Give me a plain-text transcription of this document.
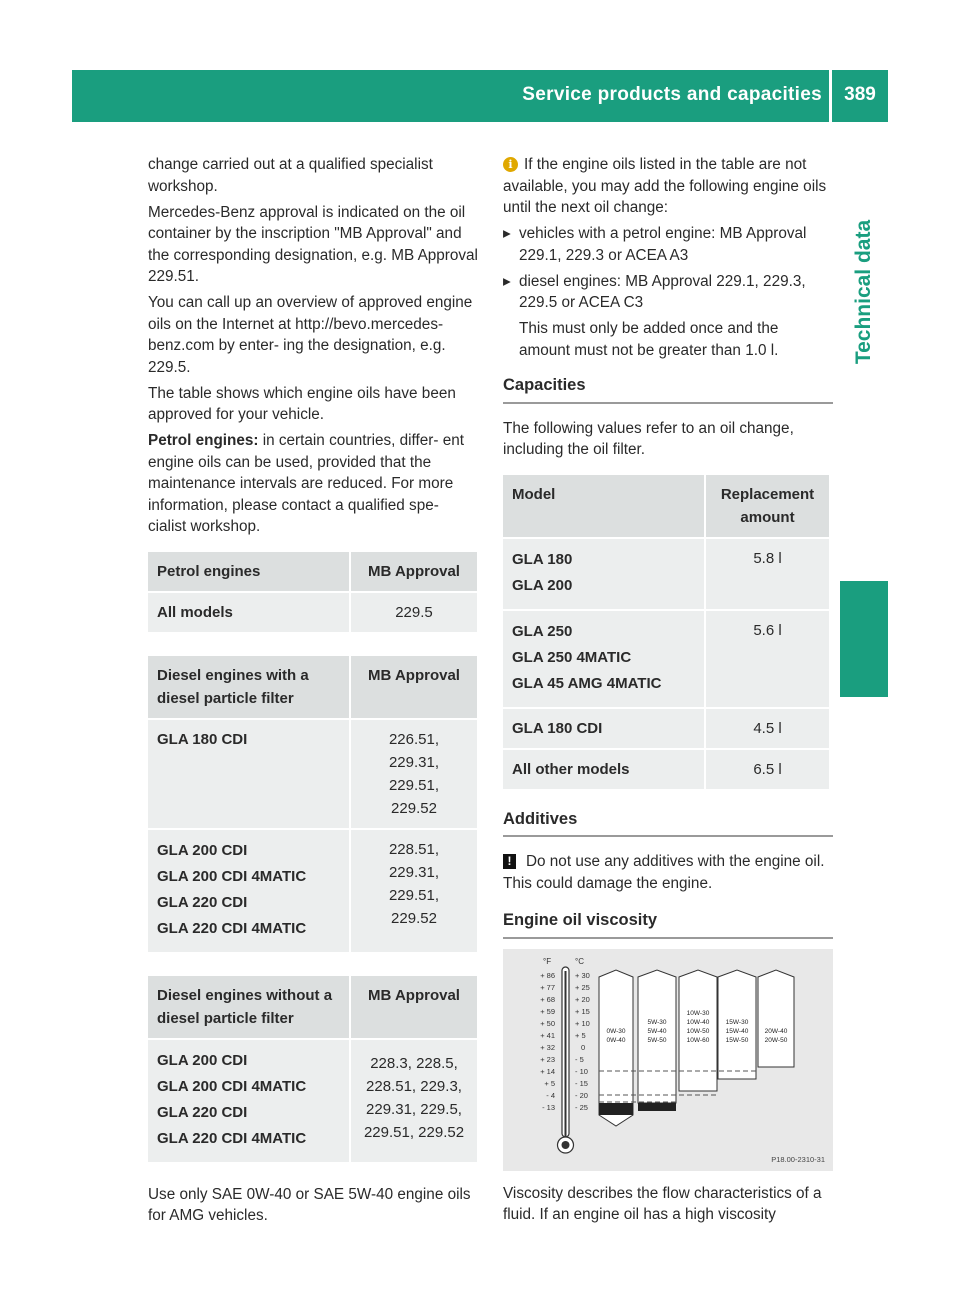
Service products and capacities	389
Technical data

change carried out at a qualified specialist workshop.

Mercedes-Benz approval is indicated on the oil container by the inscription "MB Approval" and the corresponding designation, e.g. MB Approval 229.51.

You can call up an overview of approved engine oils on the Internet at http://bevo.mercedes-benz.com by enter- ing the designation, e.g. 229.5.

The table shows which engine oils have been approved for your vehicle.

Petrol engines: in certain countries, differ- ent engine oils can be used, provided that the maintenance intervals are reduced. For more information, please contact a qualified spe- cialist workshop.

Petrol engines	MB Approval
All models	229.5
Diesel engines with a diesel particle filter	MB Approval
GLA 180 CDI	226.51, 229.31, 229.51, 229.52

GLA 200 CDI
GLA 200 CDI 4MATIC
GLA 220 CDI
GLA 220 CDI 4MATIC	228.51, 229.31, 229.51, 229.52
Diesel engines without a diesel particle filter	MB Approval

GLA 200 CDI
GLA 200 CDI 4MATIC
GLA 220 CDI
GLA 220 CDI 4MATIC	228.3, 228.5, 228.51, 229.3, 229.31, 229.5, 229.51, 229.52

Use only SAE 0W-40 or SAE 5W-40 engine oils for AMG vehicles.

i If the engine oils listed in the table are not available, you may add the following engine oils until the next oil change:

▸ vehicles with a petrol engine: MB Approval 229.1, 229.3 or ACEA A3

▸ diesel engines: MB Approval 229.1, 229.3, 229.5 or ACEA C3

This must only be added once and the amount must not be greater than 1.0 l.

Capacities

The following values refer to an oil change, including the oil filter.

Model	Replacement amount

GLA 180
GLA 200	5.8 l

GLA 250
GLA 250 4MATIC
GLA 45 AMG 4MATIC	5.6 l
GLA 180 CDI	4.5 l
All other models	6.5 l
Additives

! Do not use any additives with the engine oil. This could damage the engine.

Engine oil viscosity
°F	°C
+ 86
+ 77
+ 68
+ 59
+ 50
+ 41
+ 32
+ 23
+ 14
+ 5
- 4
- 13
+ 30
+ 25
+ 20
+ 15
+ 10
+ 5
0
- 5
- 10
- 15
- 20
- 25
0W-30
0W-40
5W-30
5W-40
5W-50
10W-30
10W-40
10W-50
10W-60
15W-30
15W-40
15W-50
20W-40
20W-50
P18.00-2310-31

Viscosity describes the flow characteristics of a fluid. If an engine oil has a high viscosity
